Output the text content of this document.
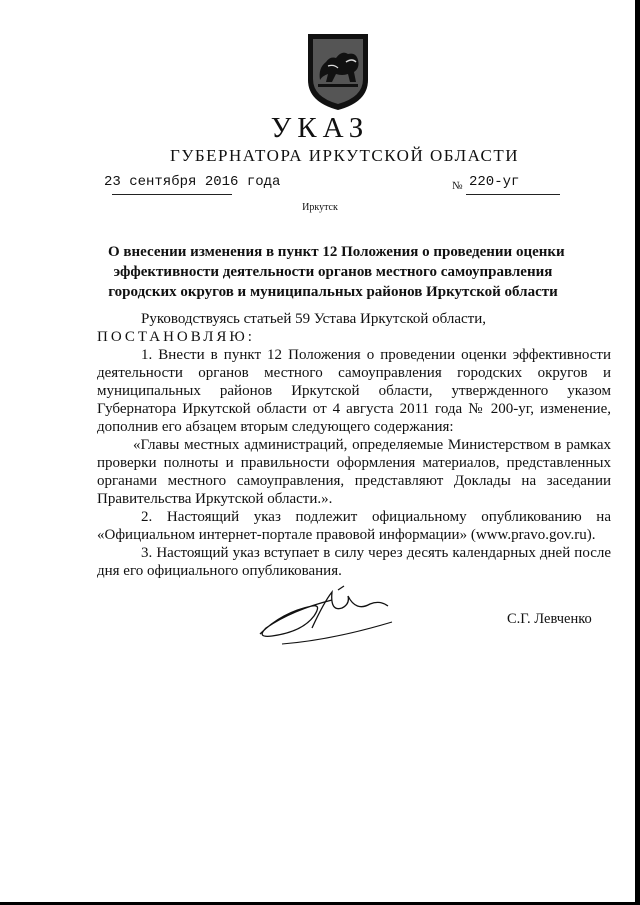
УКАЗ
ГУБЕРНАТОРА ИРКУТСКОЙ ОБЛАСТИ
23 сентября 2016 года	№ 220-уг
Иркутск
О внесении изменения в пункт 12 Положения о проведении оценки
эффективности деятельности органов местного самоуправления
городских округов и муниципальных районов Иркутской области

Руководствуясь статьей 59 Устава Иркутской области,

ПОСТАНОВЛЯЮ:

1. Внести в пункт 12 Положения о проведении оценки эффективности деятельности органов местного самоуправления городских округов и муниципальных районов Иркутской области, утвержденного указом Губернатора Иркутской области от 4 августа 2011 года № 200-уг, изменение, дополнив его абзацем вторым следующего содержания:

«Главы местных администраций, определяемые Министерством в рамках проверки полноты и правильности оформления материалов, представленных органами местного самоуправления, представляют Доклады на заседании Правительства Иркутской области.».

2. Настоящий указ подлежит официальному опубликованию на «Официальном интернет-портале правовой информации» (www.pravo.gov.ru).

3. Настоящий указ вступает в силу через десять календарных дней после дня его официального опубликования.

С.Г. Левченко
